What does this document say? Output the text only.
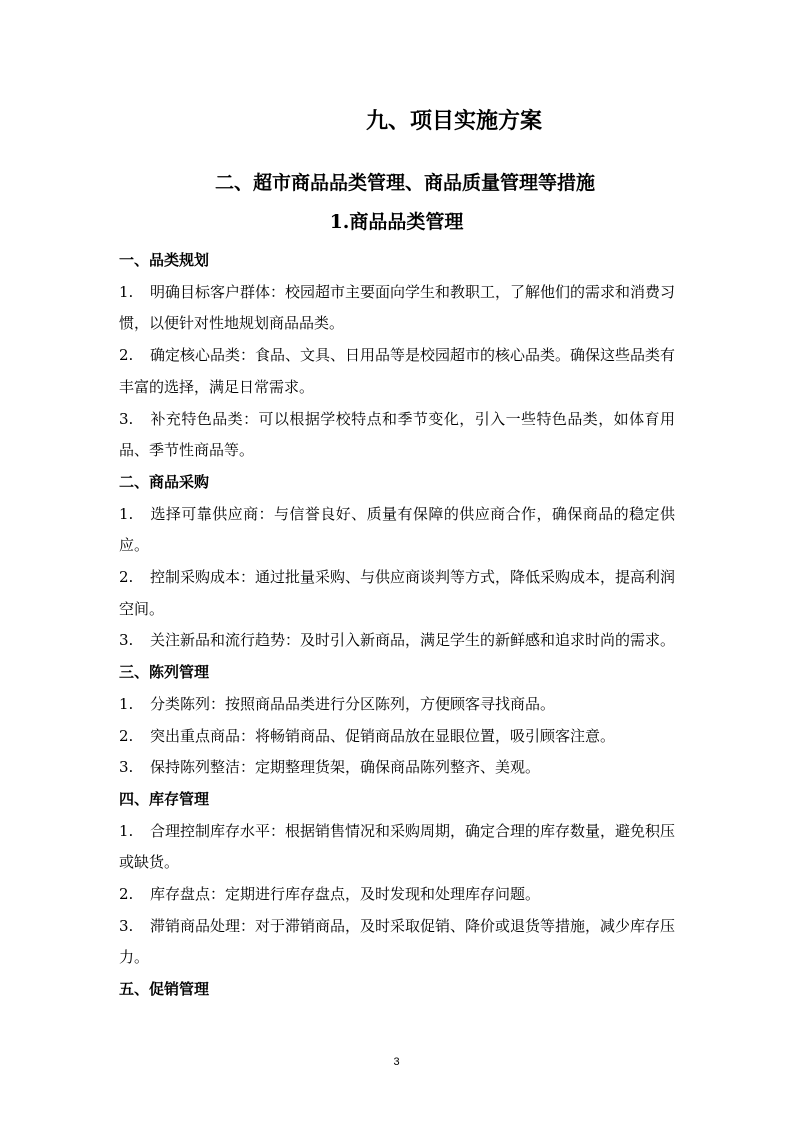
九、项目实施方案
二、超市商品品类管理、商品质量管理等措施
1.商品品类管理
一、品类规划
1. 明确目标客户群体：校园超市主要面向学生和教职工，了解他们的需求和消费习惯，以便针对性地规划商品品类。
2. 确定核心品类：食品、文具、日用品等是校园超市的核心品类。确保这些品类有丰富的选择，满足日常需求。
3. 补充特色品类：可以根据学校特点和季节变化，引入一些特色品类，如体育用品、季节性商品等。
二、商品采购
1. 选择可靠供应商：与信誉良好、质量有保障的供应商合作，确保商品的稳定供应。
2. 控制采购成本：通过批量采购、与供应商谈判等方式，降低采购成本，提高利润空间。
3. 关注新品和流行趋势：及时引入新商品，满足学生的新鲜感和追求时尚的需求。
三、陈列管理
1. 分类陈列：按照商品品类进行分区陈列，方便顾客寻找商品。
2. 突出重点商品：将畅销商品、促销商品放在显眼位置，吸引顾客注意。
3. 保持陈列整洁：定期整理货架，确保商品陈列整齐、美观。
四、库存管理
1. 合理控制库存水平：根据销售情况和采购周期，确定合理的库存数量，避免积压或缺货。
2. 库存盘点：定期进行库存盘点，及时发现和处理库存问题。
3. 滞销商品处理：对于滞销商品，及时采取促销、降价或退货等措施，减少库存压力。
五、促销管理
3
